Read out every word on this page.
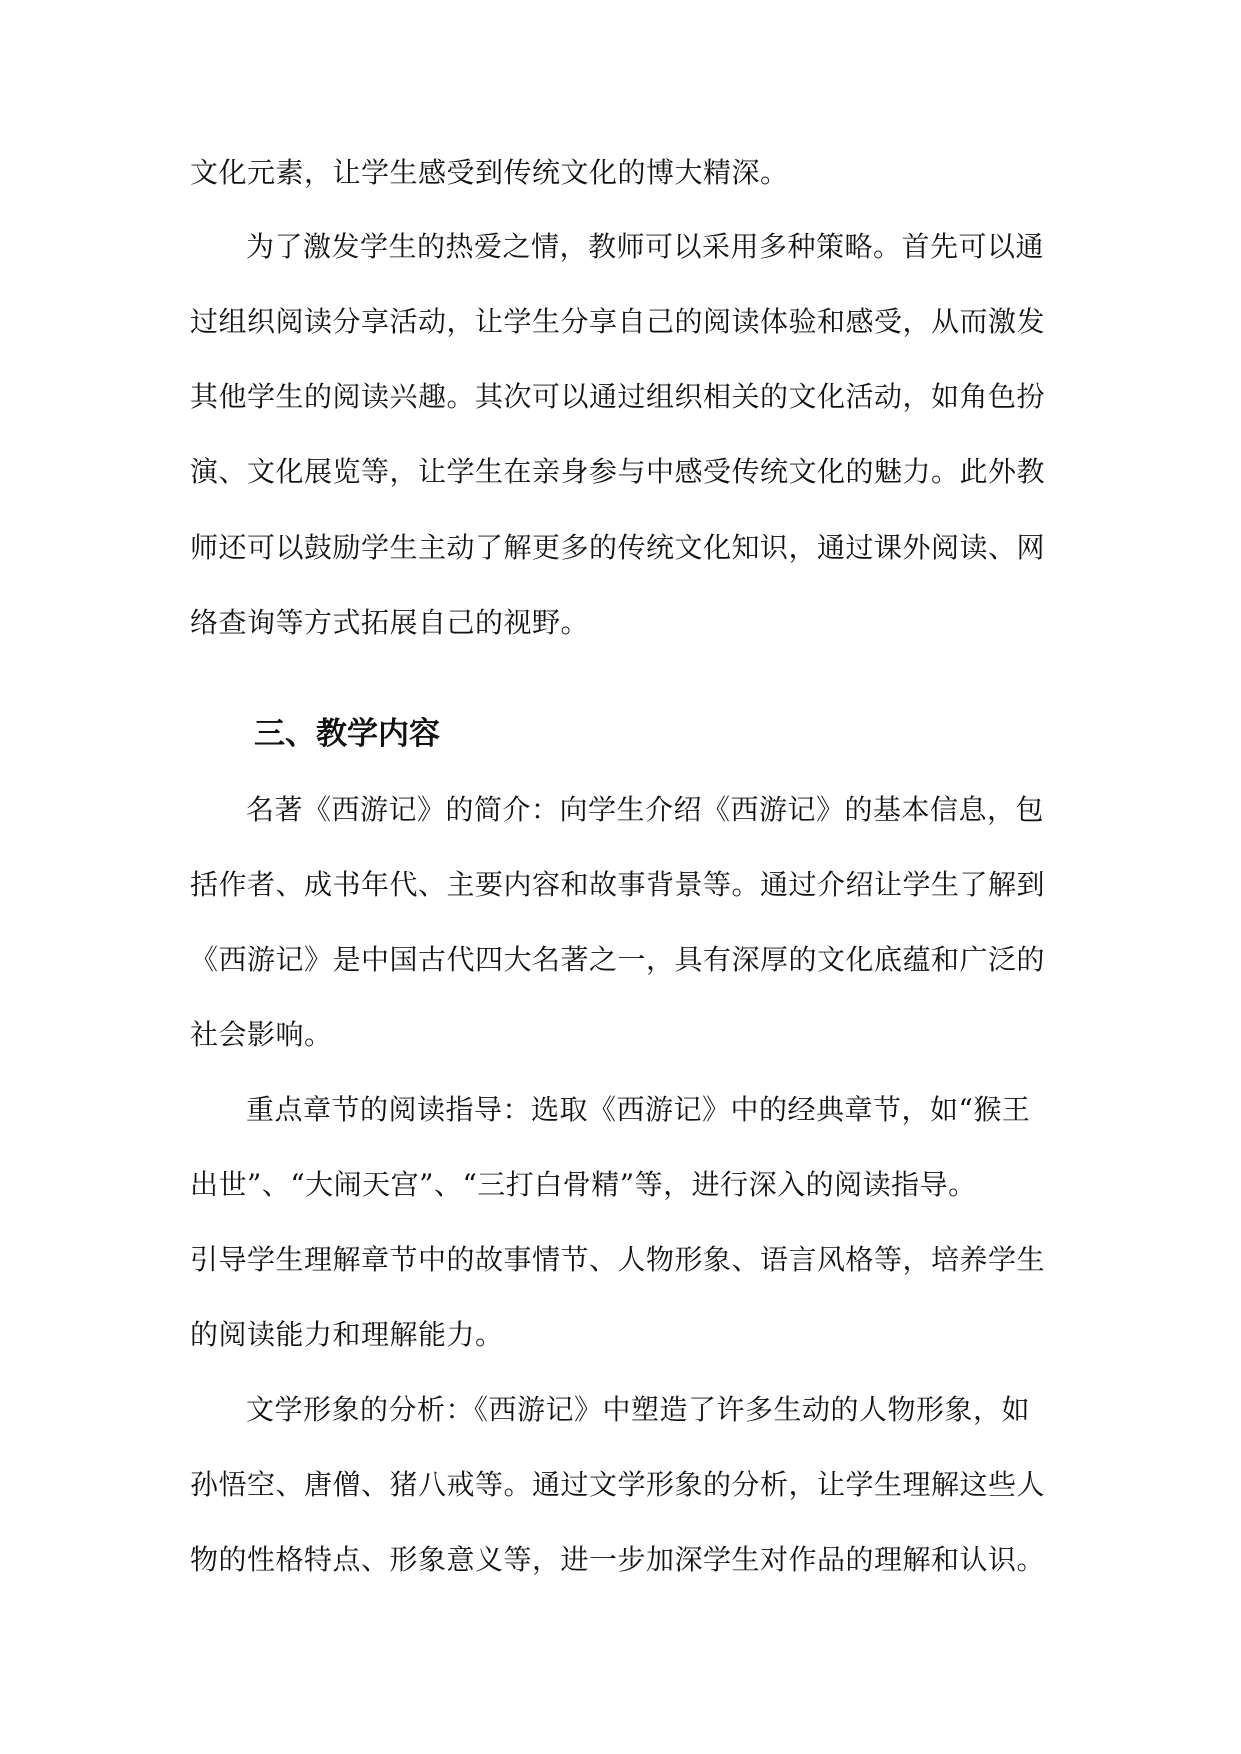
文化元素，让学生感受到传统文化的博大精深。
为了激发学生的热爱之情，教师可以采用多种策略。首先可以通
过组织阅读分享活动，让学生分享自己的阅读体验和感受，从而激发
其他学生的阅读兴趣。其次可以通过组织相关的文化活动，如角色扮
演、文化展览等，让学生在亲身参与中感受传统文化的魅力。此外教
师还可以鼓励学生主动了解更多的传统文化知识，通过课外阅读、网
络查询等方式拓展自己的视野。
三、教学内容
名著《西游记》的简介：向学生介绍《西游记》的基本信息，包
括作者、成书年代、主要内容和故事背景等。通过介绍让学生了解到
《西游记》是中国古代四大名著之一，具有深厚的文化底蕴和广泛的
社会影响。
重点章节的阅读指导：选取《西游记》中的经典章节，如“猴王
出世”、“大闹天宫”、“三打白骨精”等，进行深入的阅读指导。
引导学生理解章节中的故事情节、人物形象、语言风格等，培养学生
的阅读能力和理解能力。
文学形象的分析：《西游记》中塑造了许多生动的人物形象，如
孙悟空、唐僧、猪八戒等。通过文学形象的分析，让学生理解这些人
物的性格特点、形象意义等，进一步加深学生对作品的理解和认识。
